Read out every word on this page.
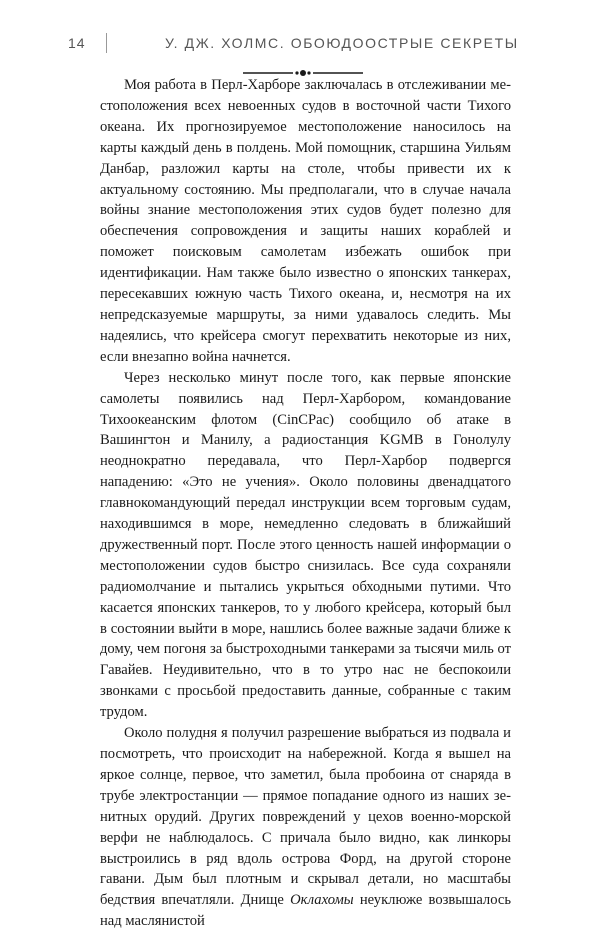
14	У. ДЖ. ХОЛМС. ОБОЮДООСТРЫЕ СЕКРЕТЫ

Моя работа в Перл-Харборе заключалась в отслеживании местоположения всех невоенных судов в восточной части Тихого океана. Их прогнозируемое местоположение наносилось на карты каждый день в полдень. Мой помощник, старшина Уильям Данбар, разложил карты на столе, чтобы привести их к актуальному состоянию. Мы предполагали, что в случае начала войны знание местоположения этих судов будет полезно для обеспечения сопровождения и защиты наших кораблей и поможет поисковым самолетам избежать ошибок при идентификации. Нам также было известно о японских танкерах, пересекавших южную часть Тихого океана, и, несмотря на их непредсказуемые маршруты, за ними удавалось следить. Мы надеялись, что крейсера смогут перехватить некоторые из них, если внезапно война начнется.

Через несколько минут после того, как первые японские самолеты появились над Перл-Харбором, командование Тихоокеанским флотом (CinCPac) сообщило об атаке в Вашингтон и Манилу, а радиостанция KGMB в Гонолулу неоднократно передавала, что Перл-Харбор подвергся нападению: «Это не учения». Около половины двенадцатого главнокомандующий передал инструкции всем торговым судам, находившимся в море, немедленно следовать в ближайший дружественный порт. После этого ценность нашей информации о местоположении судов быстро снизилась. Все суда сохраняли радиомолчание и пытались укрыться обходными путими. Что касается японских танкеров, то у любого крейсера, который был в состоянии выйти в море, нашлись более важные задачи ближе к дому, чем погоня за быстроходными танкерами за тысячи миль от Гавайев. Неудивительно, что в то утро нас не беспокоили звонками с просьбой предоставить данные, собранные с таким трудом.

Около полудня я получил разрешение выбраться из подвала и посмотреть, что происходит на набережной. Когда я вышел на яркое солнце, первое, что заметил, была пробоина от снаряда в трубе электростанции — прямое попадание одного из наших зенитных орудий. Других повреждений у цехов военно-морской верфи не наблюдалось. С причала было видно, как линкоры выстроились в ряд вдоль острова Форд, на другой стороне гавани. Дым был плотным и скрывал детали, но масштабы бедствия впечатляли. Днище Оклахомы неуклюже возвышалось над маслянистой
